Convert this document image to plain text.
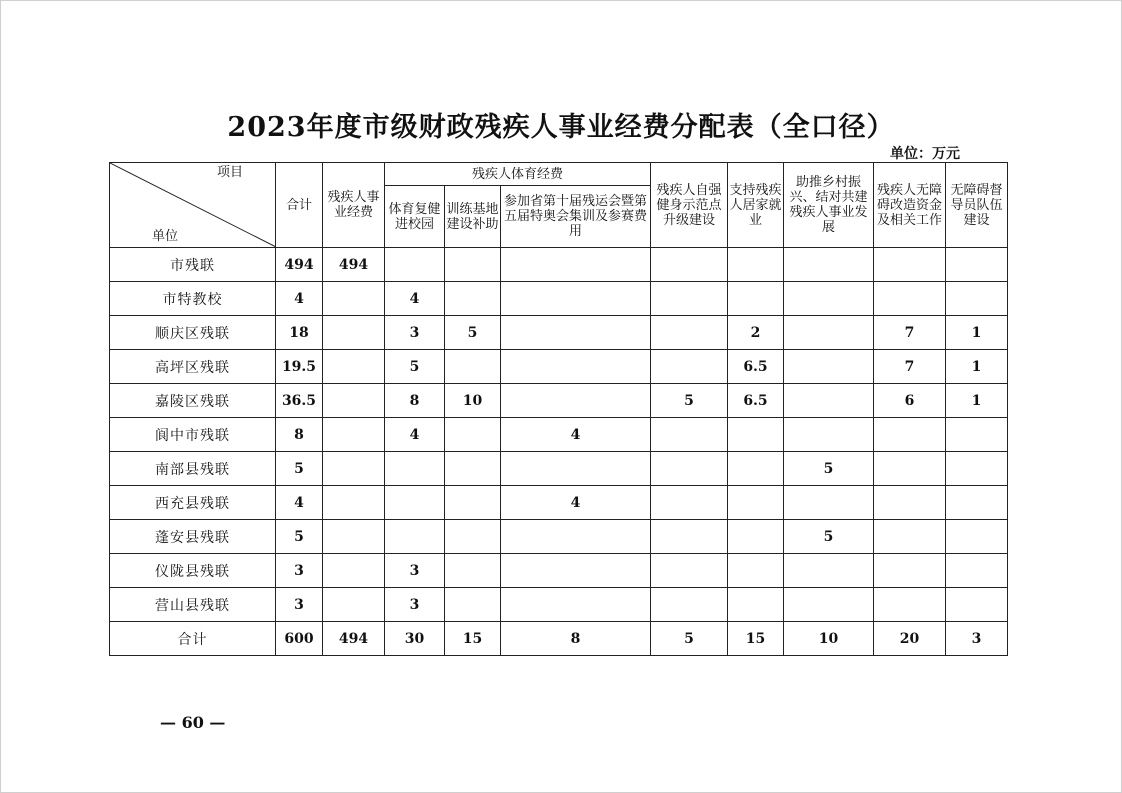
2023年度市级财政残疾人事业经费分配表（全口径）
单位：万元
项目
单位	合计	残疾人事业经费	残疾人体育经费			残疾人自强健身示范点升级建设	支持残疾人居家就业	助推乡村振兴、结对共建残疾人事业发展	残疾人无障碍改造资金及相关工作	无障碍督导员队伍建设
			体育复健进校园	训练基地建设补助	参加省第十届残运会暨第五届特奥会集训及参赛费用					
市残联	494	494								
市特教校	4		4							
顺庆区残联	18		3	5			2		7	1
高坪区残联	19.5		5				6.5		7	1
嘉陵区残联	36.5		8	10		5	6.5		6	1
阆中市残联	8		4		4					
南部县残联	5							5		
西充县残联	4				4					
蓬安县残联	5							5		
仪陇县残联	3		3							
营山县残联	3		3							
合计	600	494	30	15	8	5	15	10	20	3
— 60 —
